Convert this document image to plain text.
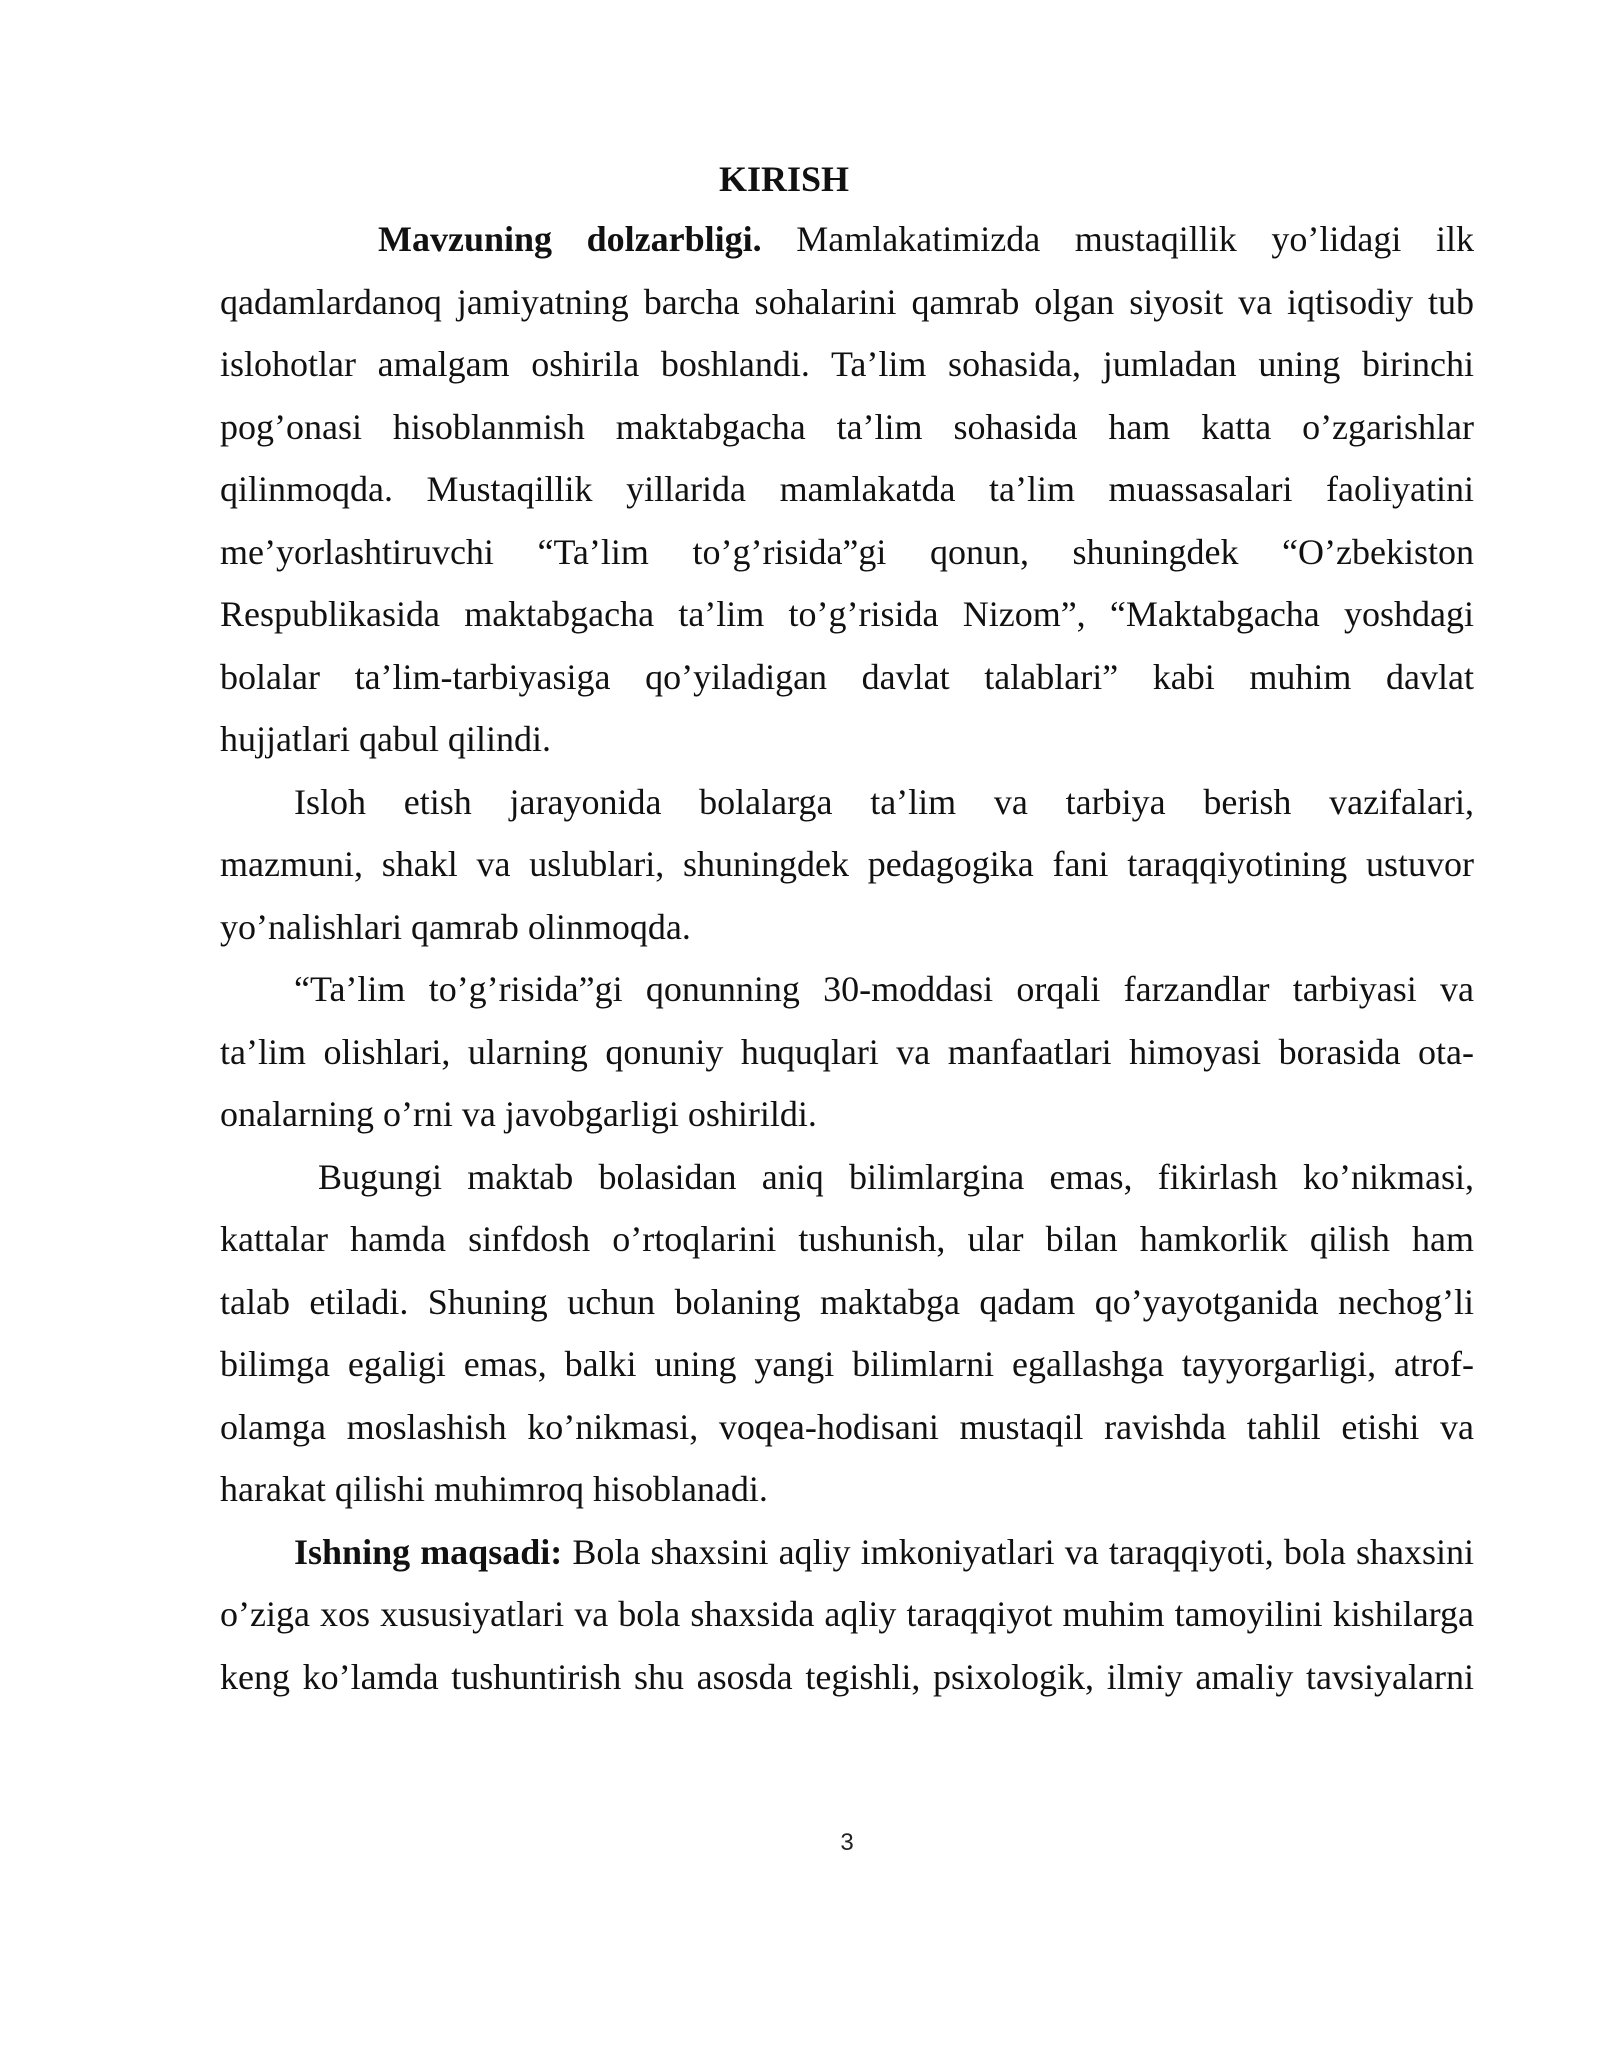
KIRISH
Mavzuning dolzarbligi. Mamlakatimizda mustaqillik yo’lidagi ilk
qadamlardanoq jamiyatning barcha sohalarini qamrab olgan siyosit va iqtisodiy tub
islohotlar amalgam oshirila boshlandi. Ta’lim sohasida, jumladan uning birinchi
pog’onasi hisoblanmish maktabgacha ta’lim sohasida ham katta o’zgarishlar
qilinmoqda. Mustaqillik yillarida mamlakatda ta’lim muassasalari faoliyatini
me’yorlashtiruvchi “Ta’lim to’g’risida”gi qonun, shuningdek “O’zbekiston
Respublikasida maktabgacha ta’lim to’g’risida Nizom”, “Maktabgacha yoshdagi
bolalar ta’lim-tarbiyasiga qo’yiladigan davlat talablari” kabi muhim davlat
hujjatlari qabul qilindi.
Isloh etish jarayonida bolalarga ta’lim va tarbiya berish vazifalari,
mazmuni, shakl va uslublari, shuningdek pedagogika fani taraqqiyotining ustuvor
yo’nalishlari qamrab olinmoqda.
“Ta’lim to’g’risida”gi qonunning 30-moddasi orqali farzandlar tarbiyasi va
ta’lim olishlari, ularning qonuniy huquqlari va manfaatlari himoyasi borasida ota-
onalarning o’rni va javobgarligi oshirildi.
Bugungi maktab bolasidan aniq bilimlargina emas, fikirlash ko’nikmasi,
kattalar hamda sinfdosh o’rtoqlarini tushunish, ular bilan hamkorlik qilish ham
talab etiladi. Shuning uchun bolaning maktabga qadam qo’yayotganida nechog’li
bilimga egaligi emas, balki uning yangi bilimlarni egallashga tayyorgarligi, atrof-
olamga moslashish ko’nikmasi, voqea-hodisani mustaqil ravishda tahlil etishi va
harakat qilishi muhimroq hisoblanadi.
Ishning maqsadi: Bola shaxsini aqliy imkoniyatlari va taraqqiyoti, bola shaxsini
o’ziga xos xususiyatlari va bola shaxsida aqliy taraqqiyot muhim tamoyilini kishilarga
keng ko’lamda tushuntirish shu asosda tegishli, psixologik, ilmiy amaliy tavsiyalarni
3
